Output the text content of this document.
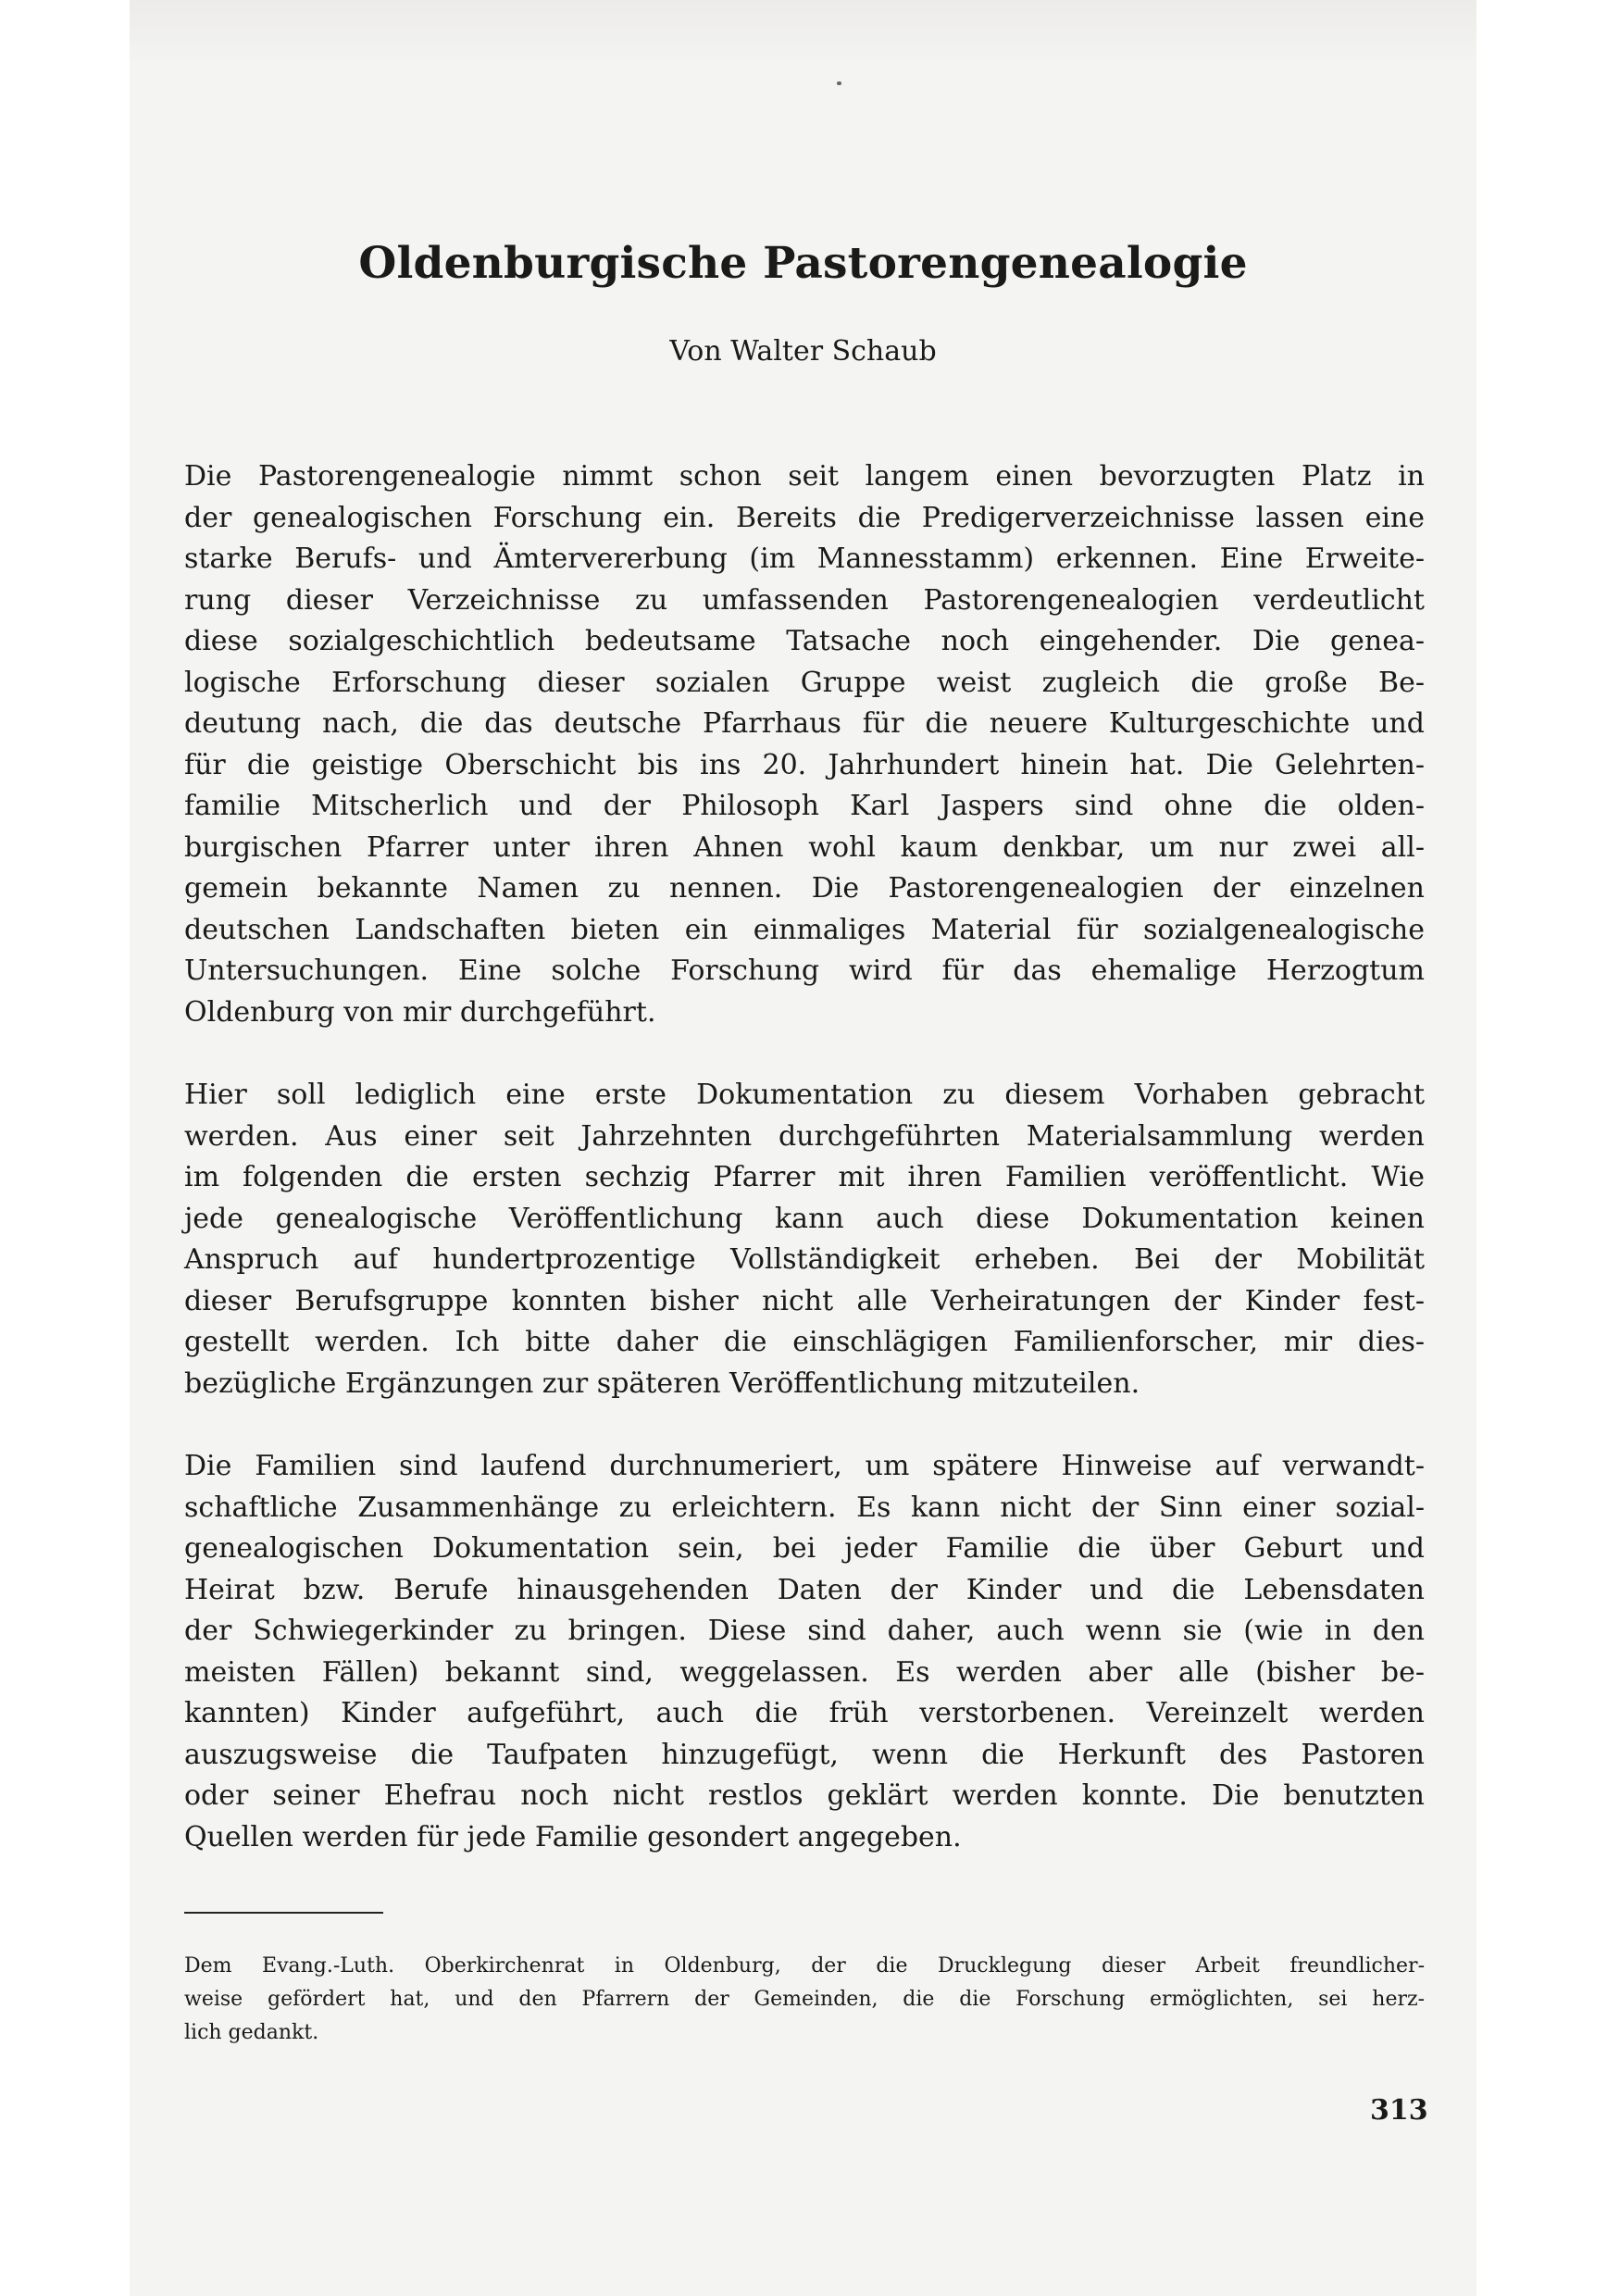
Oldenburgische Pastorengenealogie

Von Walter Schaub

Die Pastorengenealogie nimmt schon seit langem einen bevorzugten Platz in
der genealogischen Forschung ein. Bereits die Predigerverzeichnisse lassen eine
starke Berufs- und Ämtervererbung (im Mannesstamm) erkennen. Eine Erweite-
rung dieser Verzeichnisse zu umfassenden Pastorengenealogien verdeutlicht
diese sozialgeschichtlich bedeutsame Tatsache noch eingehender. Die genea-
logische Erforschung dieser sozialen Gruppe weist zugleich die große Be-
deutung nach, die das deutsche Pfarrhaus für die neuere Kulturgeschichte und
für die geistige Oberschicht bis ins 20. Jahrhundert hinein hat. Die Gelehrten-
familie Mitscherlich und der Philosoph Karl Jaspers sind ohne die olden-
burgischen Pfarrer unter ihren Ahnen wohl kaum denkbar, um nur zwei all-
gemein bekannte Namen zu nennen. Die Pastorengenealogien der einzelnen
deutschen Landschaften bieten ein einmaliges Material für sozialgenealogische
Untersuchungen. Eine solche Forschung wird für das ehemalige Herzogtum
Oldenburg von mir durchgeführt.

Hier soll lediglich eine erste Dokumentation zu diesem Vorhaben gebracht
werden. Aus einer seit Jahrzehnten durchgeführten Materialsammlung werden
im folgenden die ersten sechzig Pfarrer mit ihren Familien veröffentlicht. Wie
jede genealogische Veröffentlichung kann auch diese Dokumentation keinen
Anspruch auf hundertprozentige Vollständigkeit erheben. Bei der Mobilität
dieser Berufsgruppe konnten bisher nicht alle Verheiratungen der Kinder fest-
gestellt werden. Ich bitte daher die einschlägigen Familienforscher, mir dies-
bezügliche Ergänzungen zur späteren Veröffentlichung mitzuteilen.

Die Familien sind laufend durchnumeriert, um spätere Hinweise auf verwandt-
schaftliche Zusammenhänge zu erleichtern. Es kann nicht der Sinn einer sozial-
genealogischen Dokumentation sein, bei jeder Familie die über Geburt und
Heirat bzw. Berufe hinausgehenden Daten der Kinder und die Lebensdaten
der Schwiegerkinder zu bringen. Diese sind daher, auch wenn sie (wie in den
meisten Fällen) bekannt sind, weggelassen. Es werden aber alle (bisher be-
kannten) Kinder aufgeführt, auch die früh verstorbenen. Vereinzelt werden
auszugsweise die Taufpaten hinzugefügt, wenn die Herkunft des Pastoren
oder seiner Ehefrau noch nicht restlos geklärt werden konnte. Die benutzten
Quellen werden für jede Familie gesondert angegeben.

Dem Evang.-Luth. Oberkirchenrat in Oldenburg, der die Drucklegung dieser Arbeit freundlicher-
weise gefördert hat, und den Pfarrern der Gemeinden, die die Forschung ermöglichten, sei herz-
lich gedankt.

313
